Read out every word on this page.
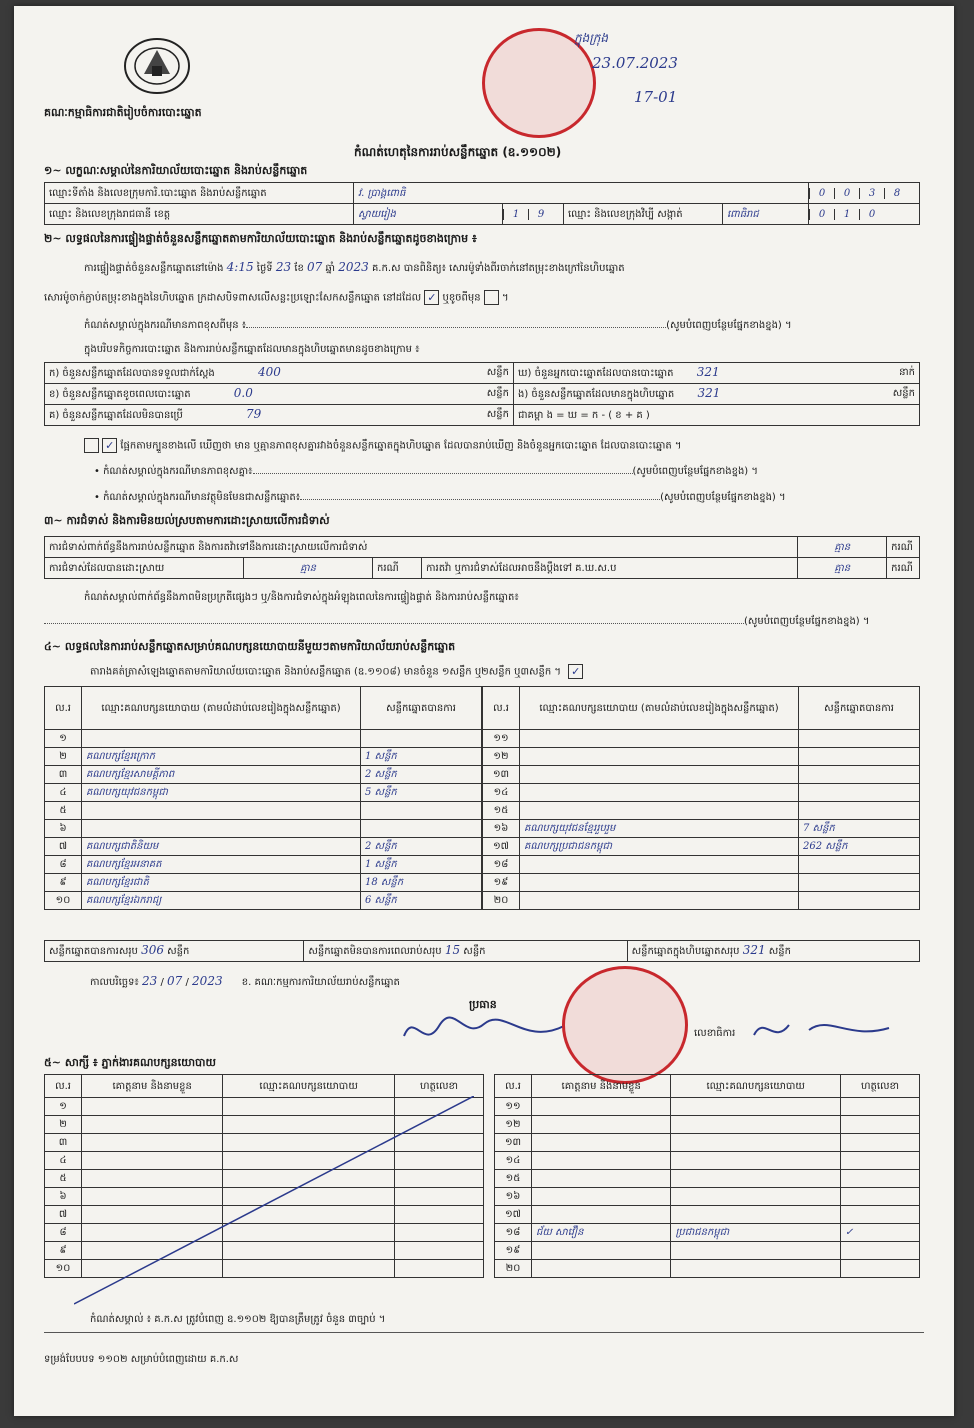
គណៈកម្មាធិការជាតិរៀបចំការបោះឆ្នោត
ក្នុងក្រុង
23.07.2023
17-01
កំណត់ហេតុនៃការរាប់សន្លឹកឆ្នោត (ឧ.១១០២)
១~ លក្ខណៈសម្គាល់នៃការិយាល័យបោះឆ្នោត និងរាប់សន្លឹកឆ្នោត
ឈ្មោះទីតាំង និងលេខក្រុមការិ.បោះឆ្នោត និងរាប់សន្លឹកឆ្នោត	វ. ប្រាង្គពោធិ				0 0 3 8
ឈ្មោះ និងលេខក្រុងរាជធានី ខេត្ត	ស្វាយរៀង	1 9	ឈ្មោះ និងលេខក្រុងវិប្បី សង្កាត់	ពោធិរាជ	0 1 0
២~ លទ្ធផលនៃការផ្ទៀងផ្ទាត់ចំនួនសន្លឹកឆ្នោតតាមការិយាល័យបោះឆ្នោត និងរាប់សន្លឹកឆ្នោតដូចខាងក្រោម ៖
ការផ្ទៀងផ្ទាត់ចំនួនសន្លឹកឆ្នោតនៅម៉ោង 4:15 ថ្ងៃទី 23 ខែ 07 ឆ្នាំ 2023 គ.ក.ស បានពិនិត្យ៖ សោរម៉ូទាំងពីរចាក់នៅតម្រុះខាងក្រៅនៃហិបឆ្នោត
សោរម៉ូចាក់ភ្ជាប់តម្រុះខាងក្នុងនៃហិបឆ្នោត ក្រដាសបិទពាសលើសន្លះប្រឡោះសែកសន្លឹកឆ្នោត នៅដដែល ✓ ឬខូចពីមុន  ។
កំណត់សម្គាល់ក្នុងករណីមានភាពខុសពីមុន ៖	(សូមបំពេញបន្ថែមផ្នែកខាងខ្នង) ។
ក្នុងបរិបទកិច្ចការបោះឆ្នោត និងការរាប់សន្លឹកឆ្នោតដែលមានក្នុងហិបឆ្នោតមានដូចខាងក្រោម ៖
ក) ចំនួនសន្លឹកឆ្នោតដែលបានទទួលជាក់ស្តែង 400 សន្លឹក	ឃ) ចំនួនអ្នកបោះឆ្នោតដែលបានបោះឆ្នោត 321 នាក់

ខ) ចំនួនសន្លឹកឆ្នោតខូចពេលបោះឆ្នោត 0.0 សន្លឹក	ង) ចំនួនសន្លឹកឆ្នោតដែលមានក្នុងហិបឆ្នោត 321 សន្លឹក

គ) ចំនួនសន្លឹកឆ្នោតដែលមិនបានប្រើ 79 សន្លឹក	ជាគម្ពា ង = ឃ = ក - ( ខ + គ )
✓ ផ្អែកតាមក្បួនខាងលើ ឃើញថា មាន ឬគ្មានភាពខុសគ្នារវាងចំនួនសន្លឹកឆ្នោតក្នុងហិបឆ្នោត ដែលបានរាប់ឃើញ និងចំនួនអ្នកបោះឆ្នោត ដែលបានបោះឆ្នោត ។
• កំណត់សម្គាល់ក្នុងករណីមានភាពខុសគ្នា៖	(សូមបំពេញបន្ថែមផ្នែកខាងខ្នង) ។
• កំណត់សម្គាល់ក្នុងករណីមានវត្ថុមិនមែនជាសន្លឹកឆ្នោត៖	(សូមបំពេញបន្ថែមផ្នែកខាងខ្នង) ។
៣~ ការជំទាស់ និងការមិនយល់ស្របតាមការដោះស្រាយលើការជំទាស់
ការជំទាស់ពាក់ព័ន្ធនឹងការរាប់សន្លឹកឆ្នោត និងការតវ៉ាទៅនឹងការដោះស្រាយលើការជំទាស់				គ្មាន	ករណី
ការជំទាស់ដែលបានដោះស្រាយ	គ្មាន	ករណី	ការតវ៉ា ឬការជំទាស់ដែលអាចនឹងប្តឹងទៅ គ.ឃ.ស.ប	គ្មាន	ករណី
កំណត់សម្គាល់ពាក់ព័ន្ធនឹងភាពមិនប្រក្រតីផ្សេងៗ ឬ/និងការជំទាស់ក្នុងអំឡុងពេលនៃការផ្ទៀងផ្ទាត់ និងការរាប់សន្លឹកឆ្នោត៖
(សូមបំពេញបន្ថែមផ្នែកខាងខ្នង) ។
៤~ លទ្ធផលនៃការរាប់សន្លឹកឆ្នោតសម្រាប់គណបក្សនយោបាយនីមួយៗតាមការិយាល័យរាប់សន្លឹកឆ្នោត
តារាងគត់ត្រាសំឡេងឆ្នោតតាមការិយាល័យបោះឆ្នោត និងរាប់សន្លឹកឆ្នោត (ឧ.១១០៨) មានចំនួន ១សន្លឹក ឬ២សន្លឹក ឬ៣សន្លឹក ។ ✓
ល.រ	ឈ្មោះគណបក្សនយោបាយ (តាមលំដាប់លេខរៀងក្នុងសន្លឹកឆ្នោត)	សន្លឹកឆ្នោតបានការ
១		
២	គណបក្សខ្មែរក្រោក	1 សន្លឹក
៣	គណបក្សខ្មែរសាមគ្គីភាព	2 សន្លឹក
៤	គណបក្សយុវជនកម្ពុជា	5 សន្លឹក
៥		
៦		
៧	គណបក្សជាតិនិយម	2 សន្លឹក
៨	គណបក្សខ្មែរអនាគត	1 សន្លឹក
៩	គណបក្សខ្មែរជាតិ	18 សន្លឹក
១០	គណបក្សខ្មែរឯករាជ្យ	6 សន្លឹក
ល.រ	ឈ្មោះគណបក្សនយោបាយ (តាមលំដាប់លេខរៀងក្នុងសន្លឹកឆ្នោត)	សន្លឹកឆ្នោតបានការ
១១		
១២		
១៣		
១៤		
១៥		
១៦	គណបក្សយុវជនខ្មែររួបរួម	7 សន្លឹក
១៧	គណបក្សប្រជាជនកម្ពុជា	262 សន្លឹក
១៨		
១៩		
២០		
សន្លឹកឆ្នោតបានការសរុប 306 សន្លឹក	សន្លឹកឆ្នោតមិនបានការពេលរាប់សរុប 15 សន្លឹក	សន្លឹកឆ្នោតក្នុងហិបឆ្នោតសរុប 321 សន្លឹក
កាលបរិច្ឆេទ៖ 23 / 07 / 2023 ខ. គណៈកម្មការការិយាល័យរាប់សន្លឹកឆ្នោត
ប្រធាន
លេខាធិការ
៥~ សាក្សី ៖ ភ្នាក់ងារគណបក្សនយោបាយ
ល.រ	គោត្តនាម និងនាមខ្លួន	ឈ្មោះគណបក្សនយោបាយ	ហត្ថលេខា
១			
២			
៣			
៤			
៥			
៦			
៧			
៨			
៩			
១០			
ល.រ	គោត្តនាម និងនាមខ្លួន	ឈ្មោះគណបក្សនយោបាយ	ហត្ថលេខា
១១			
១២			
១៣			
១៤			
១៥			
១៦			
១៧			
១៨	ជ័យ សាវឿន	ប្រជាជនកម្ពុជា	✓
១៩			
២០			
កំណត់សម្គាល់ ៖ គ.ក.ស ត្រូវបំពេញ ឧ.១១០២ ឱ្យបានត្រឹមត្រូវ ចំនួន ៣ច្បាប់ ។
ទម្រង់បែបបទ ១១០២ សម្រាប់បំពេញដោយ គ.ក.ស
